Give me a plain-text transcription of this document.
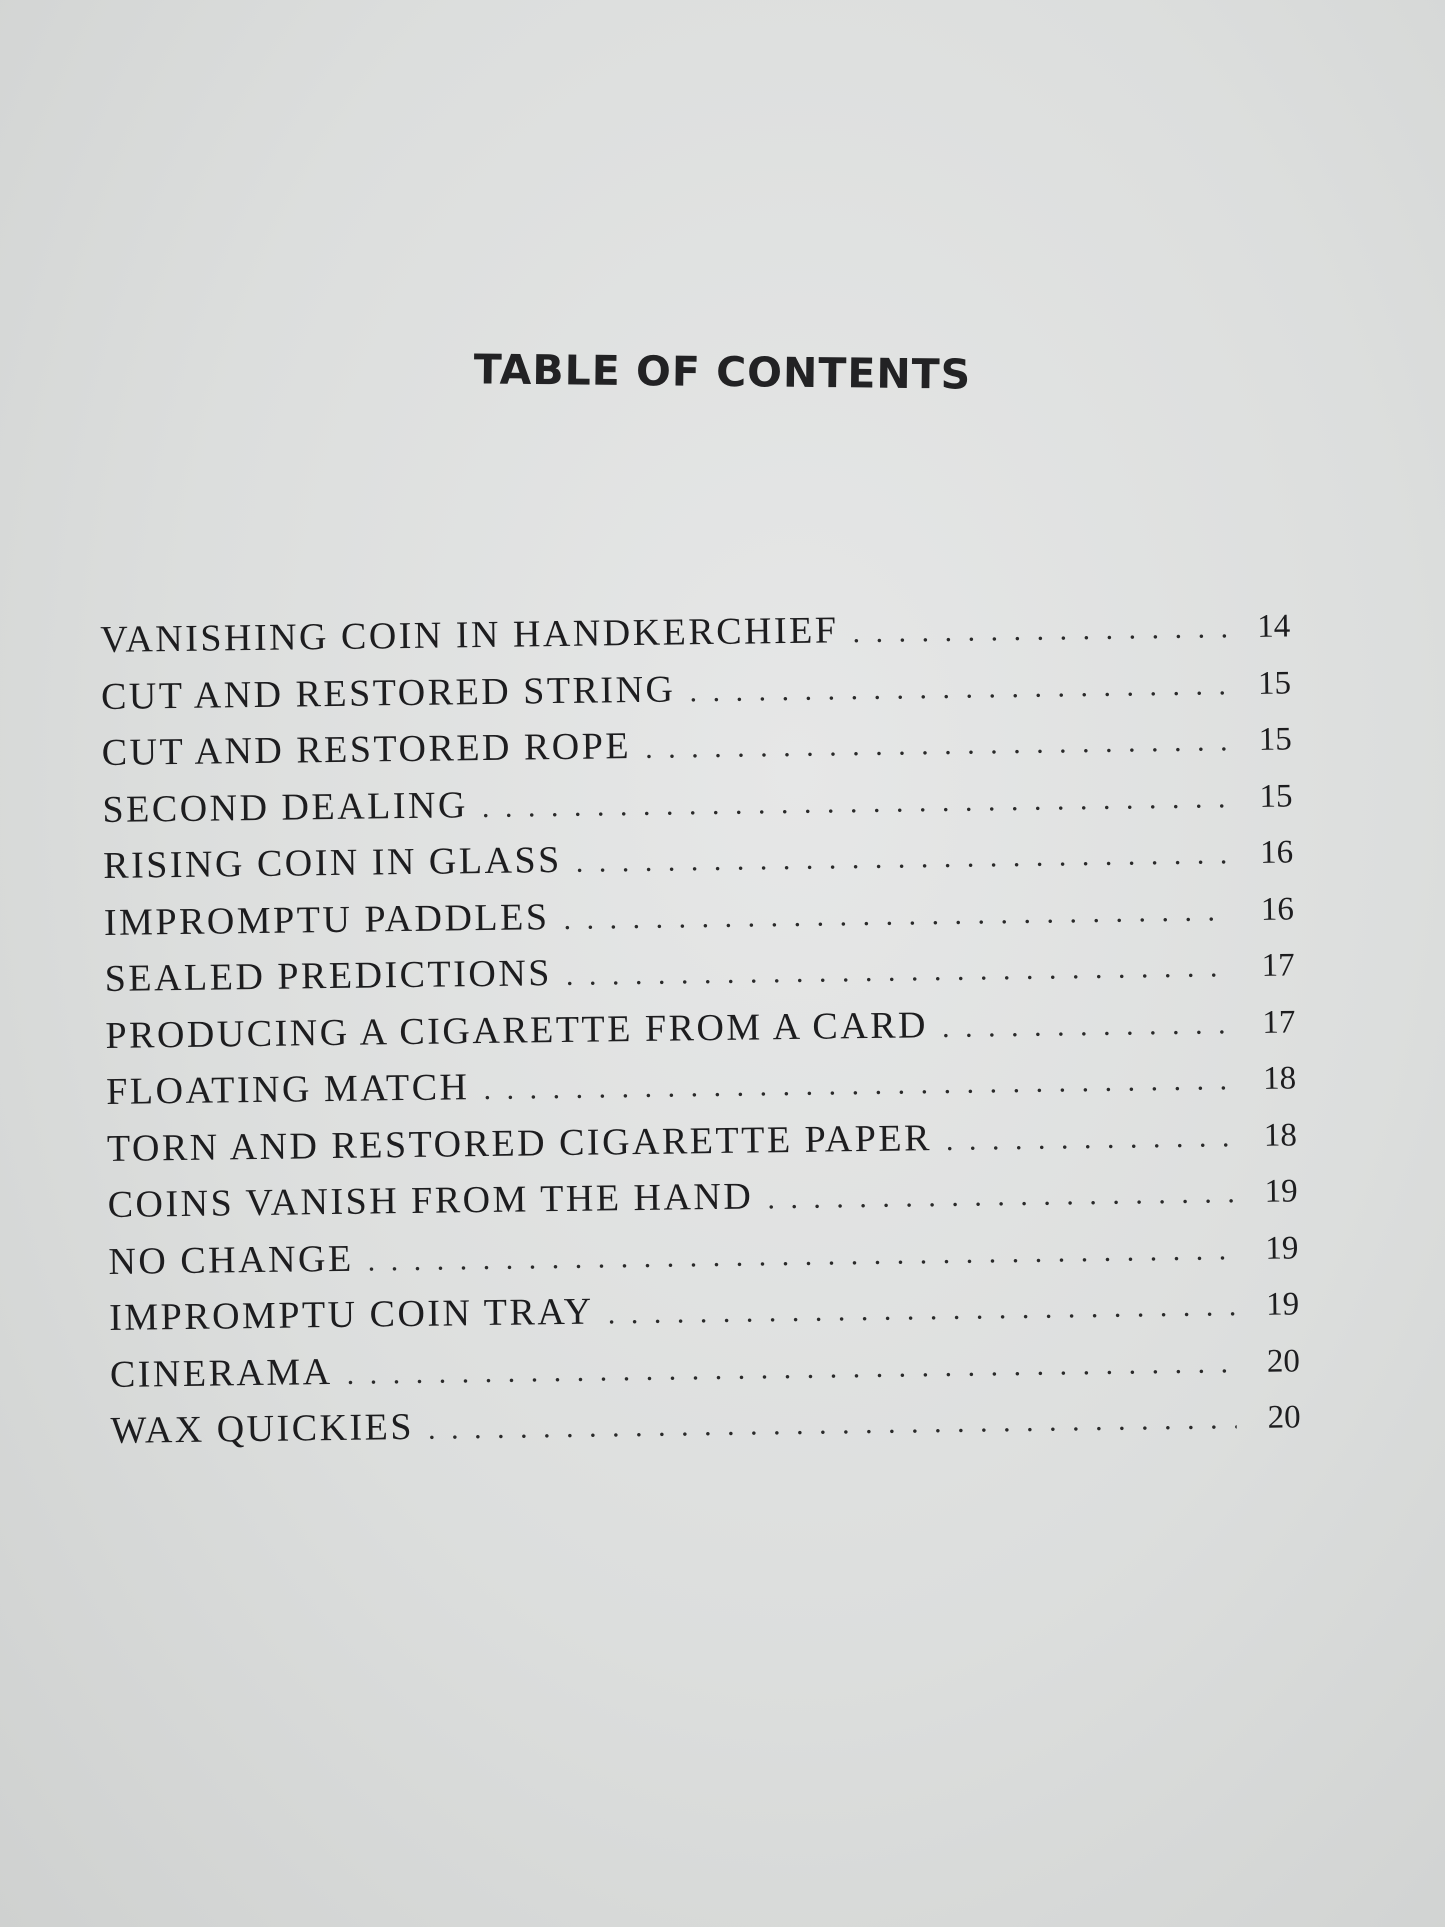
TABLE OF CONTENTS
VANISHING COIN IN HANDKERCHIEF . . .	14
CUT AND RESTORED STRING . . .	15
CUT AND RESTORED ROPE . . .	15
SECOND DEALING . . .	15
RISING COIN IN GLASS . . .	16
IMPROMPTU PADDLES . . .	16
SEALED PREDICTIONS . . .	17
PRODUCING A CIGARETTE FROM A CARD . . .	17
FLOATING MATCH . . .	18
TORN AND RESTORED CIGARETTE PAPER . . .	18
COINS VANISH FROM THE HAND . . .	19
NO CHANGE . . .	19
IMPROMPTU COIN TRAY . . .	19
CINERAMA . . .	20
WAX QUICKIES . . .	20
